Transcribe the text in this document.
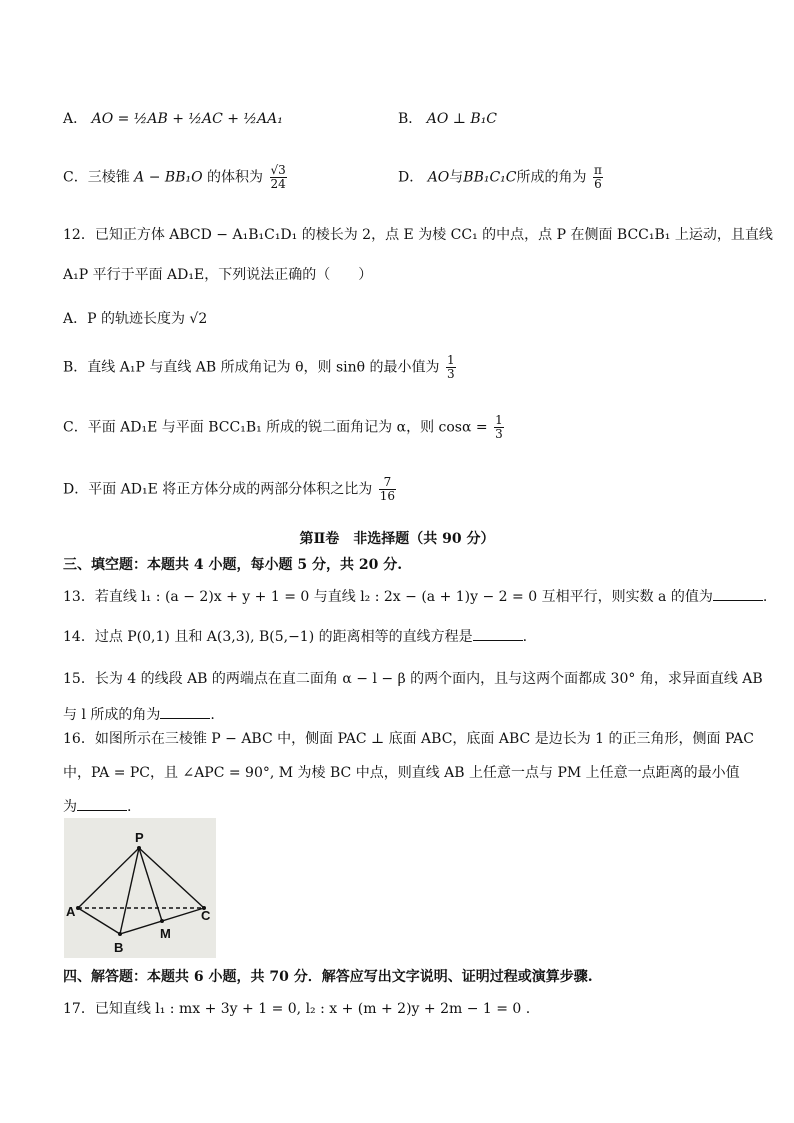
A． AO = ½AB + ½AC + ½AA₁	B． AO ⊥ B₁C
C．三棱锥 A − BB₁O 的体积为 $\frac{√3}{24}$	D． AO与BB₁C₁C所成的角为 $\frac{\pi}{6}$
12．已知正方体 ABCD − A₁B₁C₁D₁ 的棱长为 2，点 E 为棱 CC₁ 的中点，点 P 在侧面 BCC₁B₁ 上运动，且直线
A₁P 平行于平面 AD₁E，下列说法正确的（　　）
A．P 的轨迹长度为 √2
B．直线 A₁P 与直线 AB 所成角记为 θ，则 sinθ 的最小值为 $\frac{1}{3}$
C．平面 AD₁E 与平面 BCC₁B₁ 所成的锐二面角记为 α，则 $\cos\alpha = \frac{1}{3}$
D．平面 AD₁E 将正方体分成的两部分体积之比为 $\frac{7}{16}$
第Ⅱ卷　非选择题（共 90 分）
三、填空题：本题共 4 小题，每小题 5 分，共 20 分.
13．若直线 l₁ : (a − 2)x + y + 1 = 0 与直线 l₂ : 2x − (a + 1)y − 2 = 0 互相平行，则实数 a 的值为	.
14．过点 P(0,1) 且和 A(3,3), B(5,−1) 的距离相等的直线方程是	.
15．长为 4 的线段 AB 的两端点在直二面角 α − l − β 的两个面内，且与这两个面都成 30° 角，求异面直线 AB
与 l 所成的角为	.
16．如图所示在三棱锥 P − ABC 中，侧面 PAC ⊥ 底面 ABC，底面 ABC 是边长为 1 的正三角形，侧面 PAC
中，PA = PC，且 ∠APC = 90°, M 为棱 BC 中点，则直线 AB 上任意一点与 PM 上任意一点距离的最小值
为	.
P
A
B
C
M
四、解答题：本题共 6 小题，共 70 分．解答应写出文字说明、证明过程或演算步骤.
17．已知直线 l₁ : mx + 3y + 1 = 0, l₂ : x + (m + 2)y + 2m − 1 = 0 .
